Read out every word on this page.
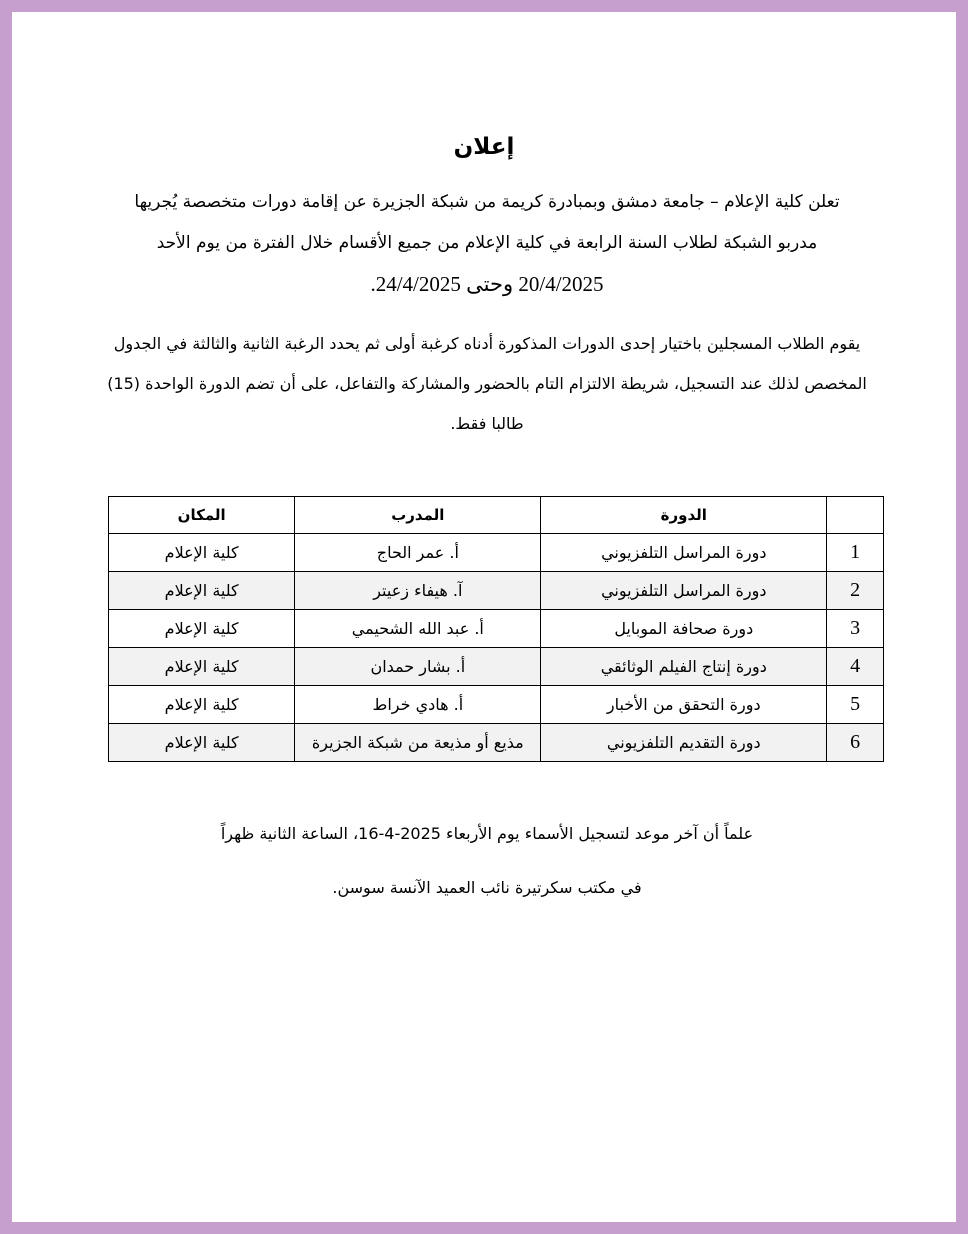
إعلان

تعلن كلية الإعلام – جامعة دمشق وبمبادرة كريمة من شبكة الجزيرة عن إقامة دورات متخصصة يُجريها
مدربو الشبكة لطلاب السنة الرابعة في كلية الإعلام من جميع الأقسام خلال الفترة من يوم الأحد
20/4/2025 وحتى 24/4/2025.

يقوم الطلاب المسجلين باختيار إحدى الدورات المذكورة أدناه كرغبة أولى ثم يحدد الرغبة الثانية والثالثة في الجدول المخصص لذلك عند التسجيل، شريطة الالتزام التام بالحضور والمشاركة والتفاعل، على أن تضم الدورة الواحدة (15) طالبا فقط.

	الدورة	المدرب	المكان
1	دورة المراسل التلفزيوني	أ. عمر الحاج	كلية الإعلام
2	دورة المراسل التلفزيوني	آ. هيفاء زعيتر	كلية الإعلام
3	دورة صحافة الموبايل	أ. عبد الله الشحيمي	كلية الإعلام
4	دورة إنتاج الفيلم الوثائقي	أ. بشار حمدان	كلية الإعلام
5	دورة التحقق من الأخبار	أ. هادي خراط	كلية الإعلام
6	دورة التقديم التلفزيوني	مذيع أو مذيعة من شبكة الجزيرة	كلية الإعلام

علماً أن آخر موعد لتسجيل الأسماء يوم الأربعاء 2025-4-16، الساعة الثانية ظهراً

في مكتب سكرتيرة نائب العميد الآنسة سوسن.
